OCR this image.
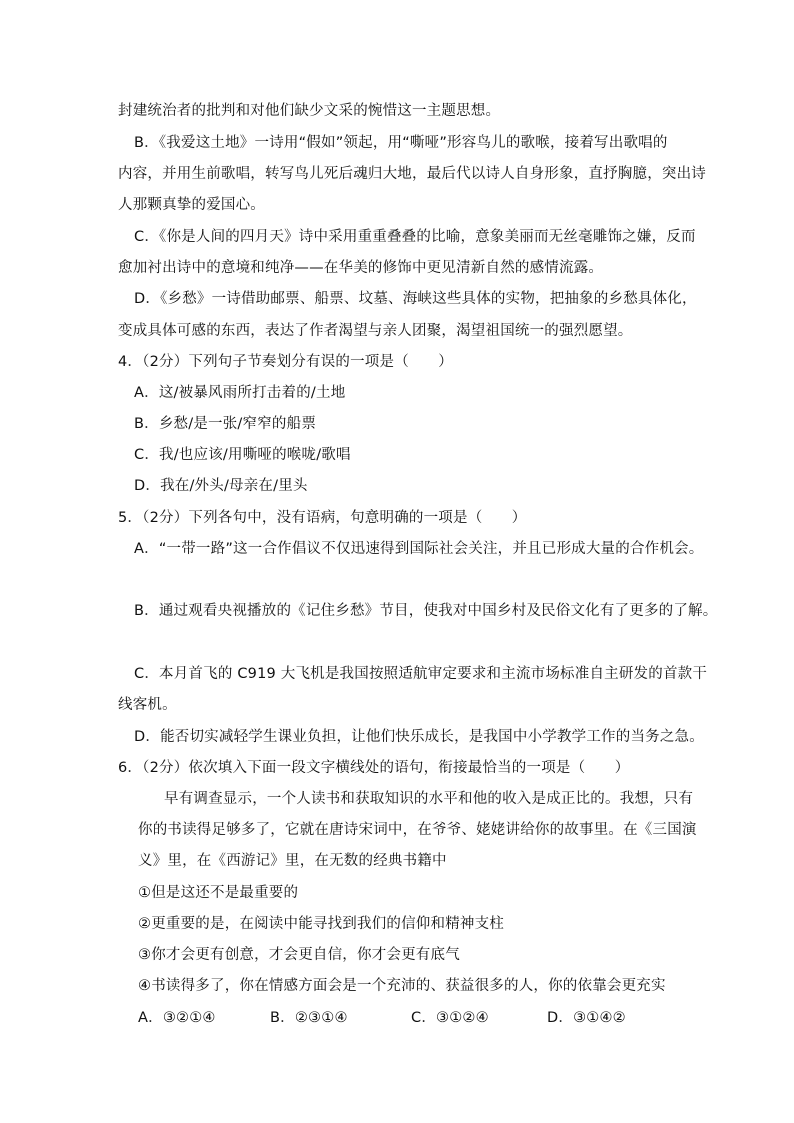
封建统治者的批判和对他们缺少文采的惋惜这一主题思想。
B．《我爱这土地》一诗用“假如”领起，用“嘶哑”形容鸟儿的歌喉，接着写出歌唱的
内容，并用生前歌唱，转写鸟儿死后魂归大地，最后代以诗人自身形象，直抒胸臆，突出诗
人那颗真挚的爱国心。
C．《你是人间的四月天》诗中采用重重叠叠的比喻，意象美丽而无丝毫雕饰之嫌，反而
愈加衬出诗中的意境和纯净——在华美的修饰中更见清新自然的感情流露。
D．《乡愁》一诗借助邮票、船票、坟墓、海峡这些具体的实物，把抽象的乡愁具体化，
变成具体可感的东西，表达了作者渴望与亲人团聚，渴望祖国统一的强烈愿望。
4．（2分）下列句子节奏划分有误的一项是（　　）
A．这/被暴风雨所打击着的/土地
B．乡愁/是一张/窄窄的船票
C．我/也应该/用嘶哑的喉咙/歌唱
D．我在/外头/母亲在/里头
5．（2分）下列各句中，没有语病，句意明确的一项是（　　）
A．“一带一路”这一合作倡议不仅迅速得到国际社会关注，并且已形成大量的合作机会。
B．通过观看央视播放的《记住乡愁》节目，使我对中国乡村及民俗文化有了更多的了解。
C．本月首飞的 C919 大飞机是我国按照适航审定要求和主流市场标准自主研发的首款干
线客机。
D．能否切实减轻学生课业负担，让他们快乐成长，是我国中小学教学工作的当务之急。
6．（2分）依次填入下面一段文字横线处的语句，衔接最恰当的一项是（　　）
早有调查显示，一个人读书和获取知识的水平和他的收入是成正比的。我想，只有
你的书读得足够多了，它就在唐诗宋词中，在爷爷、姥姥讲给你的故事里。在《三国演
义》里，在《西游记》里，在无数的经典书籍中
①但是这还不是最重要的
②更重要的是，在阅读中能寻找到我们的信仰和精神支柱
③你才会更有创意，才会更自信，你才会更有底气
④书读得多了，你在情感方面会是一个充沛的、获益很多的人，你的依靠会更充实
A．③②①④	B．②③①④	C．③①②④	D．③①④②
